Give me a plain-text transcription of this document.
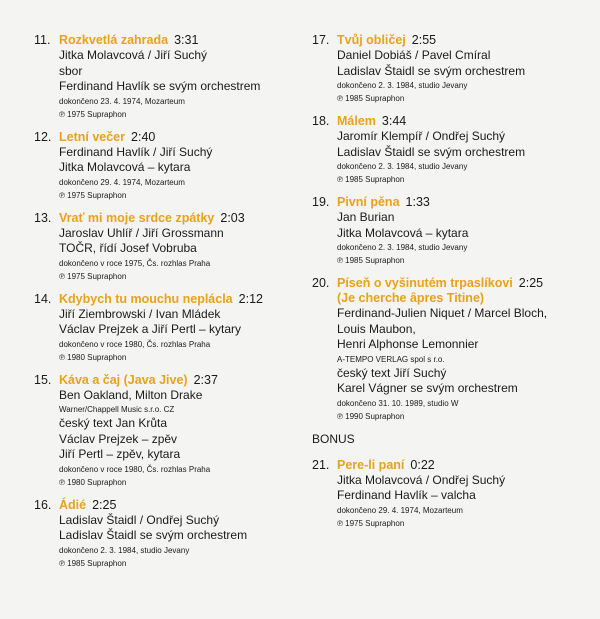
11. Rozkvetlá zahrada 3:31
Jitka Molavcová / Jiří Suchý
sbor
Ferdinand Havlík se svým orchestrem
dokončeno 23. 4. 1974, Mozarteum
℗ 1975 Supraphon
12. Letní večer 2:40
Ferdinand Havlík / Jiří Suchý
Jitka Molavcová – kytara
dokončeno 29. 4. 1974, Mozarteum
℗ 1975 Supraphon
13. Vrať mi moje srdce zpátky 2:03
Jaroslav Uhlíř / Jiří Grossmann
TOČR, řídí Josef Vobruba
dokončeno v roce 1975, Čs. rozhlas Praha
℗ 1975 Supraphon
14. Kdybych tu mouchu neplácla 2:12
Jiří Ziembrowski / Ivan Mládek
Václav Prejzek a Jiří Pertl – kytary
dokončeno v roce 1980, Čs. rozhlas Praha
℗ 1980 Supraphon
15. Káva a čaj (Java Jive) 2:37
Ben Oakland, Milton Drake
Warner/Chappell Music s.r.o. CZ
český text Jan Krůta
Václav Prejzek – zpěv
Jiří Pertl – zpěv, kytara
dokončeno v roce 1980, Čs. rozhlas Praha
℗ 1980 Supraphon
16. Ádié 2:25
Ladislav Štaidl / Ondřej Suchý
Ladislav Štaidl se svým orchestrem
dokončeno 2. 3. 1984, studio Jevany
℗ 1985 Supraphon
17. Tvůj obličej 2:55
Daniel Dobiáš / Pavel Cmíral
Ladislav Štaidl se svým orchestrem
dokončeno 2. 3. 1984, studio Jevany
℗ 1985 Supraphon
18. Málem 3:44
Jaromír Klempíř / Ondřej Suchý
Ladislav Štaidl se svým orchestrem
dokončeno 2. 3. 1984, studio Jevany
℗ 1985 Supraphon
19. Pivní pěna 1:33
Jan Burian
Jitka Molavcová – kytara
dokončeno 2. 3. 1984, studio Jevany
℗ 1985 Supraphon
20. Píseň o vyšinutém trpaslíkovi 2:25
(Je cherche âpres Titine)
Ferdinand-Julien Niquet / Marcel Bloch,
Louis Maubon,
Henri Alphonse Lemonnier
A-TEMPO VERLAG spol s r.o.
český text Jiří Suchý
Karel Vágner se svým orchestrem
dokončeno 31. 10. 1989, studio W
℗ 1990 Supraphon
BONUS
21. Pere-li paní 0:22
Jitka Molavcová / Ondřej Suchý
Ferdinand Havlík – valcha
dokončeno 29. 4. 1974, Mozarteum
℗ 1975 Supraphon
